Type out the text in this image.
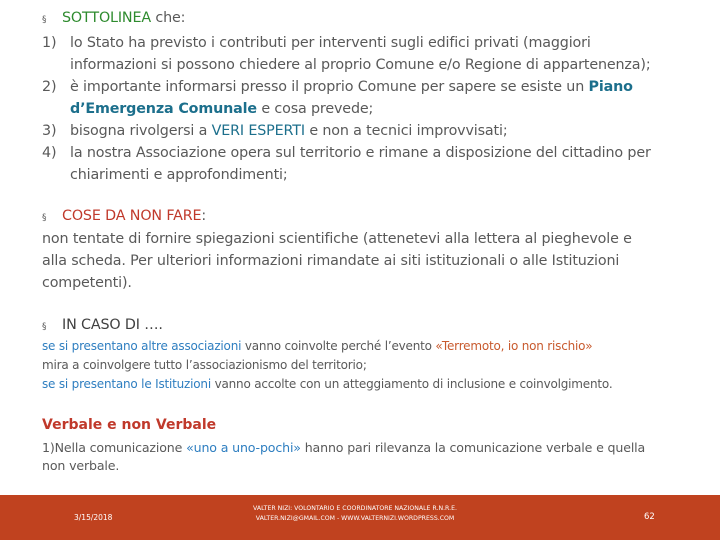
§ SOTTOLINEA che:
1) lo Stato ha previsto i contributi per interventi sugli edifici privati (maggiori
informazioni si possono chiedere al proprio Comune e/o Regione di appartenenza);
2) è importante informarsi presso il proprio Comune per sapere se esiste un Piano
d’Emergenza Comunale e cosa prevede;
3) bisogna rivolgersi a VERI ESPERTI e non a tecnici improvvisati;
4) la nostra Associazione opera sul territorio e rimane a disposizione del cittadino per
chiarimenti e approfondimenti;
§ COSE DA NON FARE:
non tentate di fornire spiegazioni scientifiche (attenetevi alla lettera al pieghevole e
alla scheda. Per ulteriori informazioni rimandate ai siti istituzionali o alle Istituzioni
competenti).
§ IN CASO DI ….
se si presentano altre associazioni vanno coinvolte perché l’evento «Terremoto, io non rischio»
mira a coinvolgere tutto l’associazionismo del territorio;
se si presentano le Istituzioni vanno accolte con un atteggiamento di inclusione e coinvolgimento.
Verbale e non Verbale
1)Nella comunicazione «uno a uno-pochi» hanno pari rilevanza la comunicazione verbale e quella
non verbale.
3/15/2018
VALTER NIZI: VOLONTARIO E COORDINATORE NAZIONALE R.N.R.E.
VALTER.NIZI@GMAIL.COM - WWW.VALTERNIZI.WORDPRESS.COM	62
